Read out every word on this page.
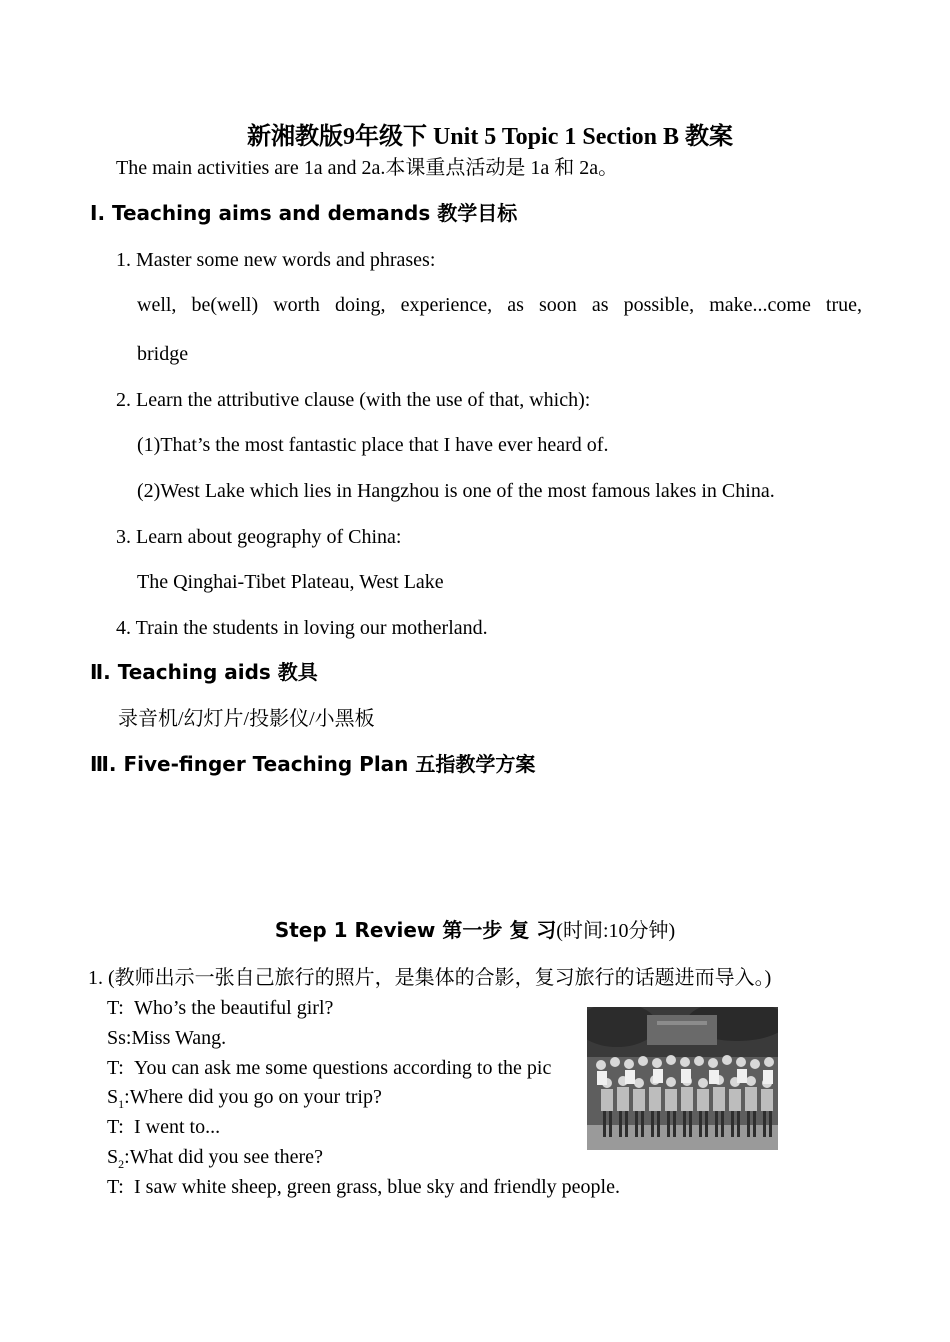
新湘教版9年级下 Unit 5 Topic 1 Section B 教案
The main activities are 1a and 2a.本课重点活动是 1a 和 2a。
Ⅰ. Teaching aims and demands 教学目标
1. Master some new words and phrases:
well, be(well) worth doing, experience, as soon as possible, make...come true,
bridge
2. Learn the attributive clause (with the use of that, which):
(1)That’s the most fantastic place that I have ever heard of.
(2)West Lake which lies in Hangzhou is one of the most famous lakes in China.
3. Learn about geography of China:
The Qinghai-Tibet Plateau, West Lake
4. Train the students in loving our motherland.
Ⅱ. Teaching aids 教具
录音机/幻灯片/投影仪/小黑板
Ⅲ. Five-finger Teaching Plan 五指教学方案
Step 1 Review 第一步 复 习(时间:10分钟)
1. (教师出示一张自己旅行的照片，是集体的合影，复习旅行的话题进而导入。)
T: Who’s the beautiful girl?
Ss:Miss Wang.
T: You can ask me some questions according to the pic
$S_1:Where$ did you go on your trip?
T: I went to...
$S_2:What$ did you see there?
T: I saw white sheep, green grass, blue sky and friendly people.
